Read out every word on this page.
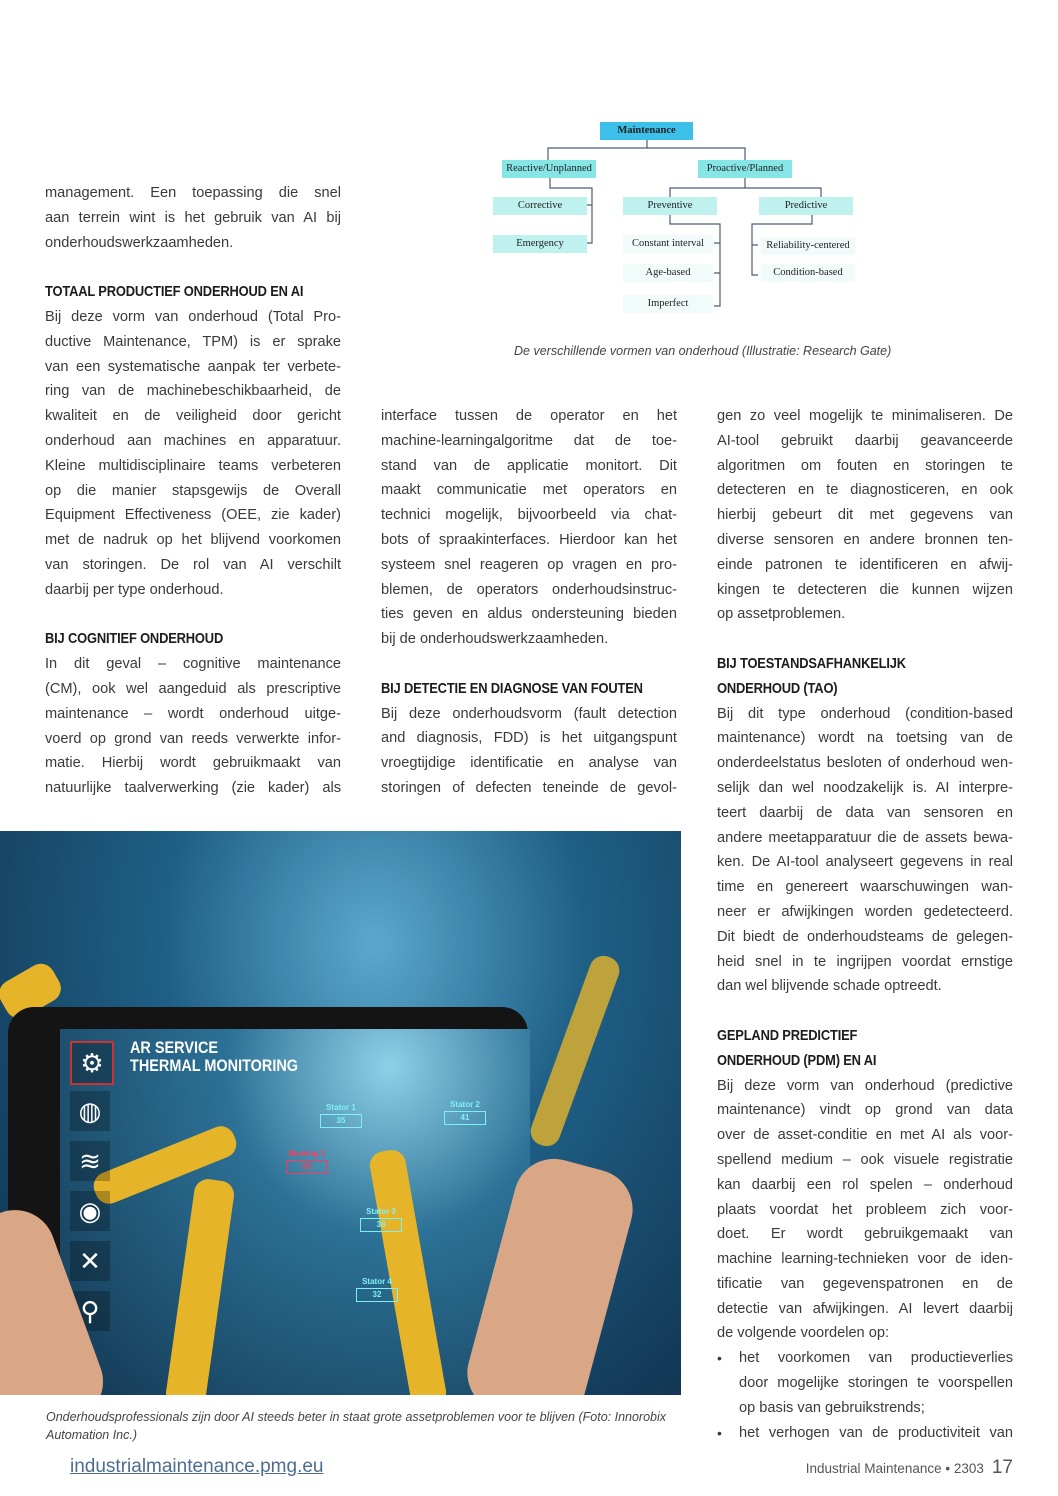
management. Een toepassing die snel
aan terrein wint is het gebruik van AI bij
onderhoudswerkzaamheden.
TOTAAL PRODUCTIEF ONDERHOUD EN AI
Bij deze vorm van onderhoud (Total Pro-
ductive Maintenance, TPM) is er sprake
van een systematische aanpak ter verbete-
ring van de machinebeschikbaarheid, de
kwaliteit en de veiligheid door gericht
onderhoud aan machines en apparatuur.
Kleine multidisciplinaire teams verbeteren
op die manier stapsgewijs de Overall
Equipment Effectiveness (OEE, zie kader)
met de nadruk op het blijvend voorkomen
van storingen. De rol van AI verschilt
daarbij per type onderhoud.
BIJ COGNITIEF ONDERHOUD
In dit geval – cognitive maintenance
(CM), ook wel aangeduid als prescriptive
maintenance – wordt onderhoud uitge-
voerd op grond van reeds verwerkte infor-
matie. Hierbij wordt gebruikmaakt van
natuurlijke taalverwerking (zie kader) als
interface tussen de operator en het
machine-learningalgoritme dat de toe-
stand van de applicatie monitort. Dit
maakt communicatie met operators en
technici mogelijk, bijvoorbeeld via chat-
bots of spraakinterfaces. Hierdoor kan het
systeem snel reageren op vragen en pro-
blemen, de operators onderhoudsinstruc-
ties geven en aldus ondersteuning bieden
bij de onderhoudswerkzaamheden.
BIJ DETECTIE EN DIAGNOSE VAN FOUTEN
Bij deze onderhoudsvorm (fault detection
and diagnosis, FDD) is het uitgangspunt
vroegtijdige identificatie en analyse van
storingen of defecten teneinde de gevol-
gen zo veel mogelijk te minimaliseren. De
AI-tool gebruikt daarbij geavanceerde
algoritmen om fouten en storingen te
detecteren en te diagnosticeren, en ook
hierbij gebeurt dit met gegevens van
diverse sensoren en andere bronnen ten-
einde patronen te identificeren en afwij-
kingen te detecteren die kunnen wijzen
op assetproblemen.
BIJ TOESTANDSAFHANKELIJK
ONDERHOUD (TAO)
Bij dit type onderhoud (condition-based
maintenance) wordt na toetsing van de
onderdeelstatus besloten of onderhoud wen-
selijk dan wel noodzakelijk is. AI interpre-
teert daarbij de data van sensoren en
andere meetapparatuur die de assets bewa-
ken. De AI-tool analyseert gegevens in real
time en genereert waarschuwingen wan-
neer er afwijkingen worden gedetecteerd.
Dit biedt de onderhoudsteams de gelegen-
heid snel in te ingrijpen voordat ernstige
dan wel blijvende schade optreedt.
GEPLAND PREDICTIEF
ONDERHOUD (PDM) EN AI
Bij deze vorm van onderhoud (predictive
maintenance) vindt op grond van data
over de asset-conditie en met AI als voor-
spellend medium – ook visuele registratie
kan daarbij een rol spelen – onderhoud
plaats voordat het probleem zich voor-
doet. Er wordt gebruikgemaakt van
machine learning-technieken voor de iden-
tificatie van gegevenspatronen en de
detectie van afwijkingen. AI levert daarbij
de volgende voordelen op:
• het voorkomen van productieverlies
door mogelijke storingen te voorspellen
op basis van gebruikstrends;
• het verhogen van de productiviteit van
Maintenance
Reactive/Unplanned	Proactive/Planned
Corrective
Emergency
Preventive	Predictive
Constant interval
Age-based
Imperfect
Reliability-centered
Condition-based
De verschillende vormen van onderhoud (Illustratie: Research Gate)
⚙
◍
≋
◉
✕
⚲
AR SERVICE
THERMAL MONITORING
Stator 1
35
Stator 2
41
Bearing 1
85
Stator 3
38
Stator 4
32
Onderhoudsprofessionals zijn door AI steeds beter in staat grote assetproblemen voor te blijven (Foto: Innorobix Automation Inc.)
industrialmaintenance.pmg.eu	Industrial Maintenance • 2303 17
